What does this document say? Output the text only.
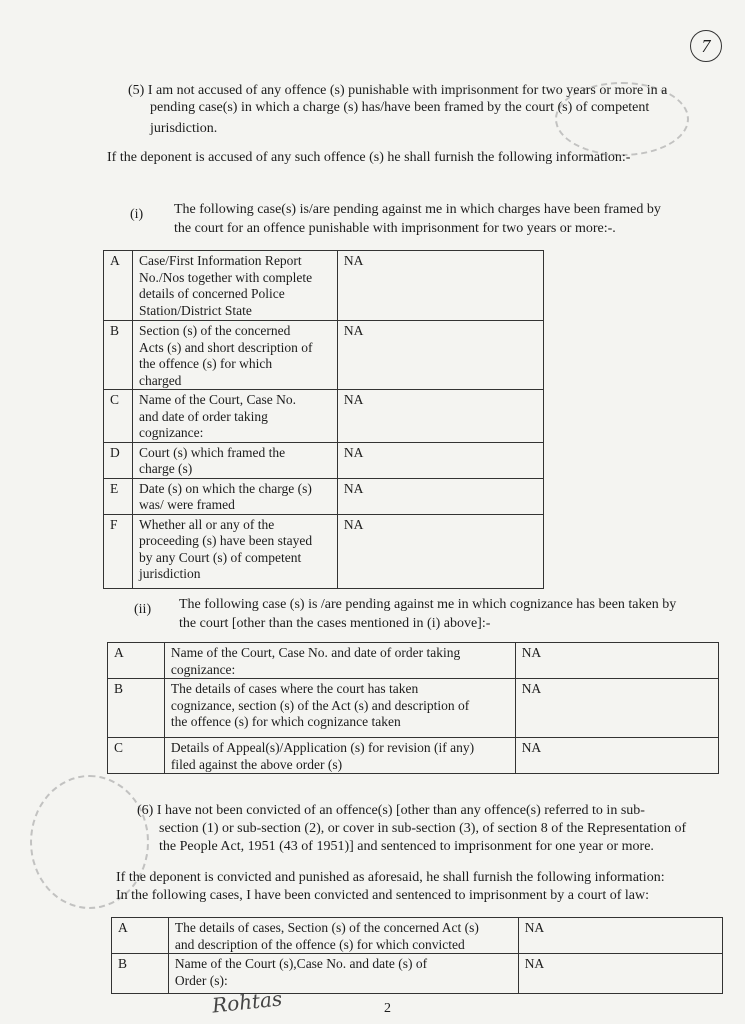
7
(5) I am not accused of any offence (s) punishable with imprisonment for two years or more in a
pending case(s) in which a charge (s) has/have been framed by the court (s) of competent
jurisdiction.
If the deponent is accused of any such offence (s) he shall furnish the following information:-
(i) The following case(s) is/are pending against me in which charges have been framed by
the court for an offence punishable with imprisonment for two years or more:-.
A	Case/First Information Report
No./Nos together with complete
details of concerned Police
Station/District State	NA
B	Section (s) of the concerned
Acts (s) and short description of
the offence (s) for which
charged	NA
C	Name of the Court, Case No.
and date of order taking
cognizance:	NA
D	Court (s) which framed the
charge (s)	NA
E	Date (s) on which the charge (s)
was/ were framed	NA
F	Whether all or any of the
proceeding (s) have been stayed
by any Court (s) of competent
jurisdiction	NA
(ii) The following case (s) is /are pending against me in which cognizance has been taken by
the court [other than the cases mentioned in (i) above]:-
A	Name of the Court, Case No. and date of order taking
cognizance:	NA
B	The details of cases where the court has taken
cognizance, section (s) of the Act (s) and description of
the offence (s) for which cognizance taken	NA
C	Details of Appeal(s)/Application (s) for revision (if any)
filed against the above order (s)	NA
(6) I have not been convicted of an offence(s) [other than any offence(s) referred to in sub-
section (1) or sub-section (2), or cover in sub-section (3), of section 8 of the Representation of
the People Act, 1951 (43 of 1951)] and sentenced to imprisonment for one year or more.
If the deponent is convicted and punished as aforesaid, he shall furnish the following information:
In the following cases, I have been convicted and sentenced to imprisonment by a court of law:
A	The details of cases, Section (s) of the concerned Act (s)
and description of the offence (s) for which convicted	NA
B	Name of the Court (s),Case No. and date (s) of
Order (s):	NA
Rohtas	2
